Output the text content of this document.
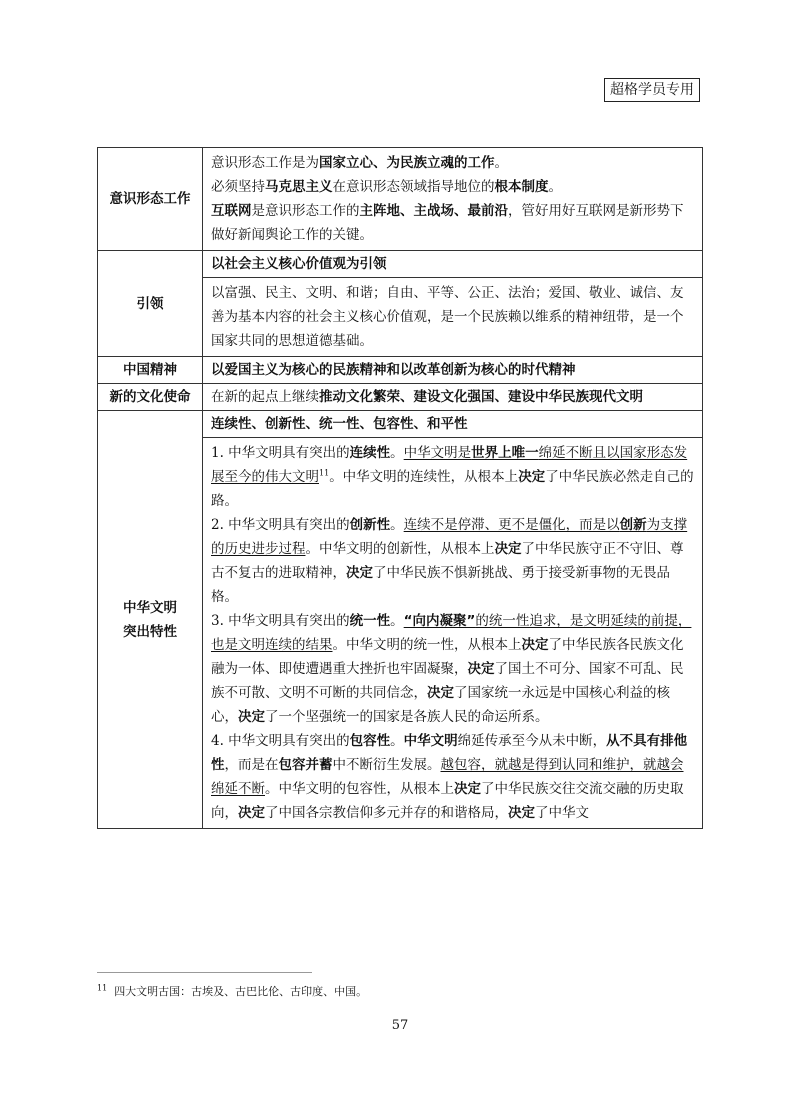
超格学员专用
意识形态工作	意识形态工作是为国家立心、为民族立魂的工作。
必须坚持马克思主义在意识形态领域指导地位的根本制度。
互联网是意识形态工作的主阵地、主战场、最前沿，管好用好互联网是新形势下做好新闻舆论工作的关键。

引领	以社会主义核心价值观为引领
	以富强、民主、文明、和谐；自由、平等、公正、法治；爱国、敬业、诚信、友善为基本内容的社会主义核心价值观，是一个民族赖以维系的精神纽带，是一个国家共同的思想道德基础。
中国精神	以爱国主义为核心的民族精神和以改革创新为核心的时代精神
新的文化使命	在新的起点上继续推动文化繁荣、建设文化强国、建设中华民族现代文明

中华文明
突出特性	连续性、创新性、统一性、包容性、和平性

	1. 中华文明具有突出的连续性。中华文明是世界上唯一绵延不断且以国家形态发展至今的伟大文明$^{11}$。中华文明的连续性，从根本上决定了中华民族必然走自己的路。
2. 中华文明具有突出的创新性。连续不是停滞、更不是僵化，而是以创新为支撑的历史进步过程。中华文明的创新性，从根本上决定了中华民族守正不守旧、尊古不复古的进取精神，决定了中华民族不惧新挑战、勇于接受新事物的无畏品格。
3. 中华文明具有突出的统一性。“向内凝聚”的统一性追求，是文明延续的前提，也是文明连续的结果。中华文明的统一性，从根本上决定了中华民族各民族文化融为一体、即使遭遇重大挫折也牢固凝聚，决定了国土不可分、国家不可乱、民族不可散、文明不可断的共同信念，决定了国家统一永远是中国核心利益的核心，决定了一个坚强统一的国家是各族人民的命运所系。
4. 中华文明具有突出的包容性。中华文明绵延传承至今从未中断，从不具有排他性，而是在包容并蓄中不断衍生发展。越包容，就越是得到认同和维护，就越会绵延不断。中华文明的包容性，从根本上决定了中华民族交往交流交融的历史取向，决定了中国各宗教信仰多元并存的和谐格局，决定了中华文
$^{11}$ 四大文明古国：古埃及、古巴比伦、古印度、中国。
57
